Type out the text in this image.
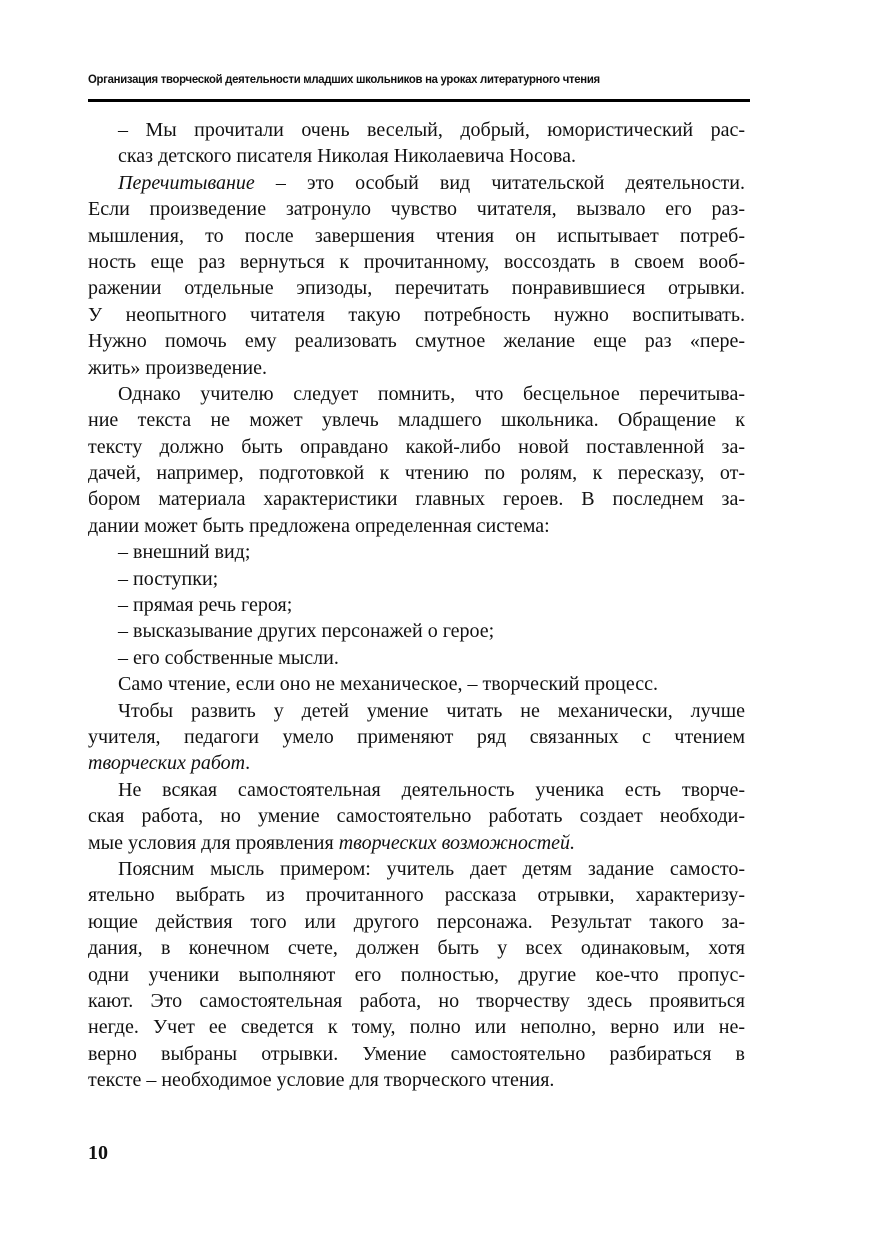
Организация творческой деятельности младших школьников на уроках литературного чтения
– Мы прочитали очень веселый, добрый, юмористический рас-
сказ детского писателя Николая Николаевича Носова.
Перечитывание – это особый вид читательской деятельности.
Если произведение затронуло чувство читателя, вызвало его раз-
мышления, то после завершения чтения он испытывает потреб-
ность еще раз вернуться к прочитанному, воссоздать в своем вооб-
ражении отдельные эпизоды, перечитать понравившиеся отрывки.
У неопытного читателя такую потребность нужно воспитывать.
Нужно помочь ему реализовать смутное желание еще раз «пере-
жить» произведение.
Однако учителю следует помнить, что бесцельное перечитыва-
ние текста не может увлечь младшего школьника. Обращение к
тексту должно быть оправдано какой-либо новой поставленной за-
дачей, например, подготовкой к чтению по ролям, к пересказу, от-
бором материала характеристики главных героев. В последнем за-
дании может быть предложена определенная система:
– внешний вид;
– поступки;
– прямая речь героя;
– высказывание других персонажей о герое;
– его собственные мысли.
Само чтение, если оно не механическое, – творческий процесс.
Чтобы развить у детей умение читать не механически, лучше
учителя, педагоги умело применяют ряд связанных с чтением
творческих работ.
Не всякая самостоятельная деятельность ученика есть творче-
ская работа, но умение самостоятельно работать создает необходи-
мые условия для проявления творческих возможностей.
Поясним мысль примером: учитель дает детям задание самосто-
ятельно выбрать из прочитанного рассказа отрывки, характеризу-
ющие действия того или другого персонажа. Результат такого за-
дания, в конечном счете, должен быть у всех одинаковым, хотя
одни ученики выполняют его полностью, другие кое-что пропус-
кают. Это самостоятельная работа, но творчеству здесь проявиться
негде. Учет ее сведется к тому, полно или неполно, верно или не-
верно выбраны отрывки. Умение самостоятельно разбираться в
тексте – необходимое условие для творческого чтения.
10
